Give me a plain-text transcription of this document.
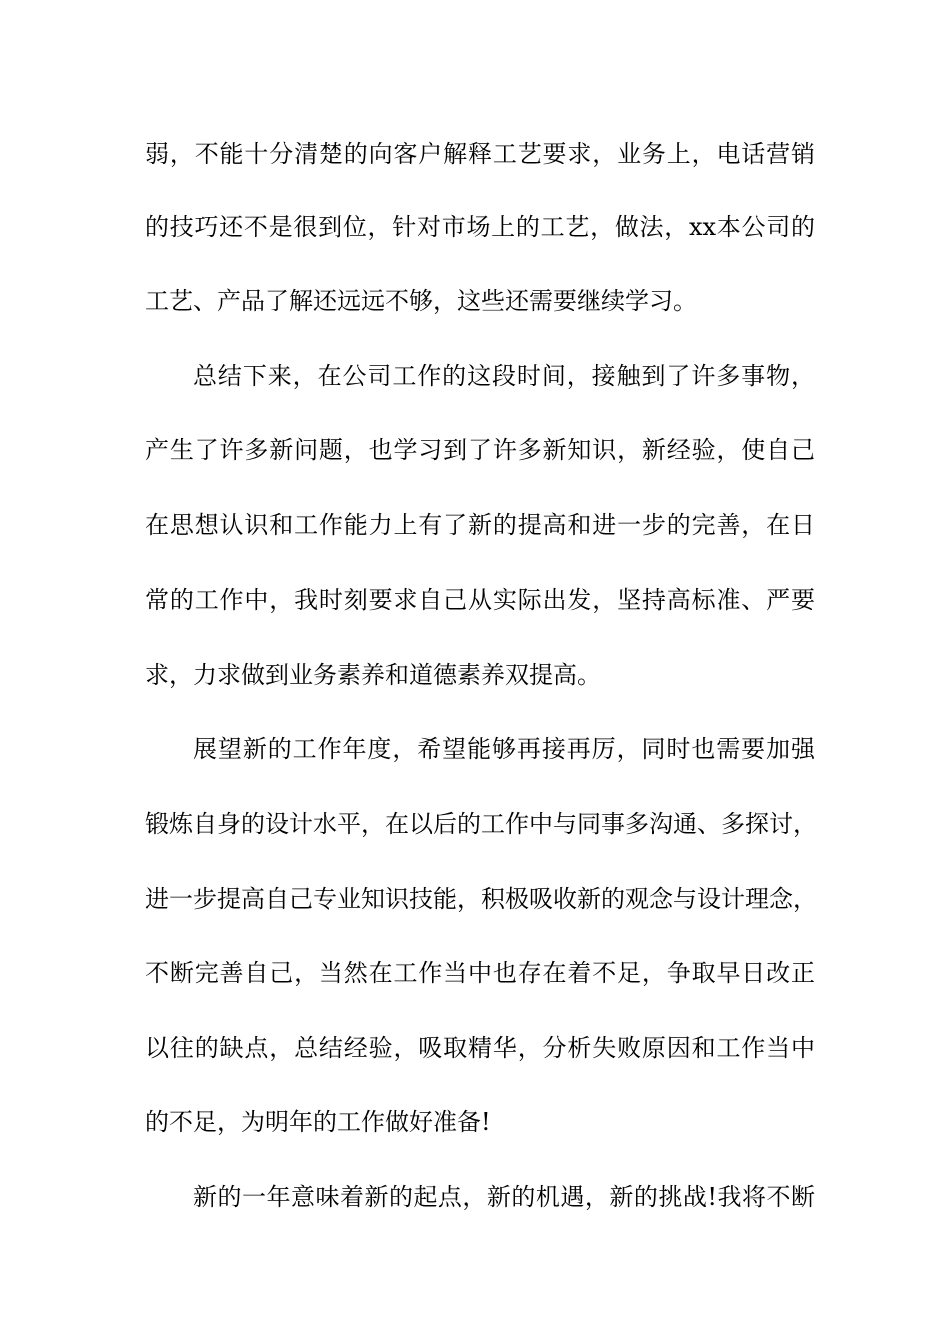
弱，不能十分清楚的向客户解释工艺要求，业务上，电话营销
的技巧还不是很到位，针对市场上的工艺，做法，xx本公司的
工艺、产品了解还远远不够，这些还需要继续学习。
总结下来，在公司工作的这段时间，接触到了许多事物，
产生了许多新问题，也学习到了许多新知识，新经验，使自己
在思想认识和工作能力上有了新的提高和进一步的完善，在日
常的工作中，我时刻要求自己从实际出发，坚持高标准、严要
求，力求做到业务素养和道德素养双提高。
展望新的工作年度，希望能够再接再厉，同时也需要加强
锻炼自身的设计水平，在以后的工作中与同事多沟通、多探讨，
进一步提高自己专业知识技能，积极吸收新的观念与设计理念，
不断完善自己，当然在工作当中也存在着不足，争取早日改正
以往的缺点，总结经验，吸取精华，分析失败原因和工作当中
的不足，为明年的工作做好准备!
新的一年意味着新的起点，新的机遇，新的挑战!我将不断
